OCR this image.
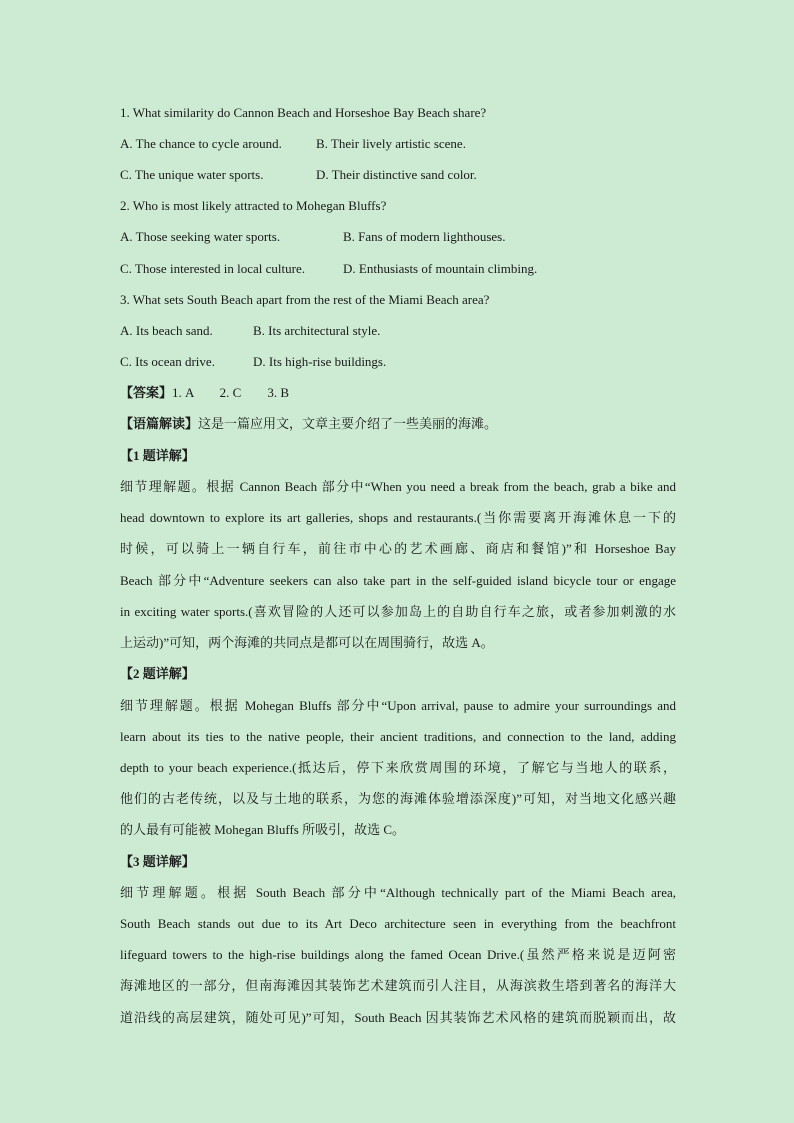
1. What similarity do Cannon Beach and Horseshoe Bay Beach share?
A. The chance to cycle around.	B. Their lively artistic scene.
C. The unique water sports.	D. Their distinctive sand color.
2. Who is most likely attracted to Mohegan Bluffs?
A. Those seeking water sports.	B. Fans of modern lighthouses.
C. Those interested in local culture.	D. Enthusiasts of mountain climbing.
3. What sets South Beach apart from the rest of the Miami Beach area?
A. Its beach sand.	B. Its architectural style.
C. Its ocean drive.	D. Its high-rise buildings.
【答案】1. A        2. C        3. B
【语篇解读】这是一篇应用文，文章主要介绍了一些美丽的海滩。
【1 题详解】
细节理解题。根据 Cannon Beach 部分中“When you need a break from the beach, grab a bike and
head downtown to explore its art galleries, shops and restaurants.(当你需要离开海滩休息一下的
时候，可以骑上一辆自行车，前往市中心的艺术画廊、商店和餐馆)”和 Horseshoe Bay
Beach 部分中“Adventure seekers can also take part in the self-guided island bicycle tour or engage
in exciting water sports.(喜欢冒险的人还可以参加岛上的自助自行车之旅，或者参加刺激的水
上运动)”可知，两个海滩的共同点是都可以在周围骑行，故选 A。
【2 题详解】
细节理解题。根据 Mohegan Bluffs 部分中“Upon arrival, pause to admire your surroundings and
learn about its ties to the native people, their ancient traditions, and connection to the land, adding
depth to your beach experience.(抵达后，停下来欣赏周围的环境，了解它与当地人的联系，
他们的古老传统，以及与土地的联系，为您的海滩体验增添深度)”可知，对当地文化感兴趣
的人最有可能被 Mohegan Bluffs 所吸引，故选 C。
【3 题详解】
细节理解题。根据 South Beach 部分中“Although technically part of the Miami Beach area,
South Beach stands out due to its Art Deco architecture seen in everything from the beachfront
lifeguard towers to the high-rise buildings along the famed Ocean Drive.(虽然严格来说是迈阿密
海滩地区的一部分，但南海滩因其装饰艺术建筑而引人注目，从海滨救生塔到著名的海洋大
道沿线的高层建筑，随处可见)”可知，South Beach 因其装饰艺术风格的建筑而脱颖而出，故
